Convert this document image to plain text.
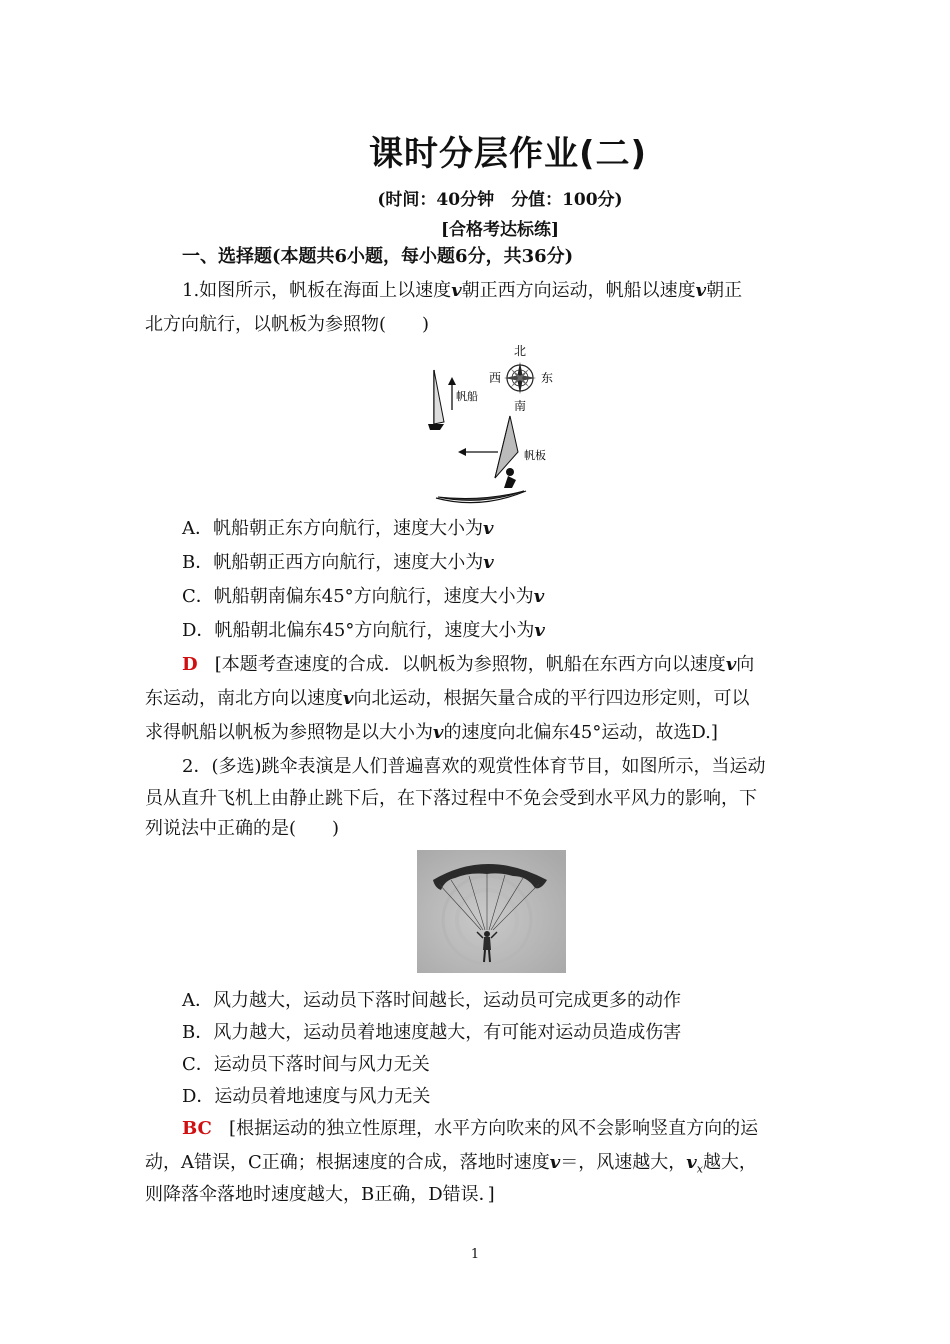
课时分层作业(二)
(时间：40分钟　分值：100分)
[合格考达标练]
一、选择题(本题共6小题，每小题6分，共36分)
1.如图所示，帆板在海面上以速度v朝正西方向运动，帆船以速度v朝正
北方向航行，以帆板为参照物(　　)
北
南
西	东
帆船
帆板
A．帆船朝正东方向航行，速度大小为v
B．帆船朝正西方向航行，速度大小为v
C．帆船朝南偏东45°方向航行，速度大小为v
D．帆船朝北偏东45°方向航行，速度大小为v
D [本题考查速度的合成．以帆板为参照物，帆船在东西方向以速度v向
东运动，南北方向以速度v向北运动，根据矢量合成的平行四边形定则，可以
求得帆船以帆板为参照物是以大小为v的速度向北偏东45°运动，故选D.]
2．(多选)跳伞表演是人们普遍喜欢的观赏性体育节目，如图所示，当运动
员从直升飞机上由静止跳下后，在下落过程中不免会受到水平风力的影响，下
列说法中正确的是(　　)
A．风力越大，运动员下落时间越长，运动员可完成更多的动作
B．风力越大，运动员着地速度越大，有可能对运动员造成伤害
C．运动员下落时间与风力无关
D．运动员着地速度与风力无关
BC [根据运动的独立性原理，水平方向吹来的风不会影响竖直方向的运
动，A错误，C正确；根据速度的合成，落地时速度v＝，风速越大，$v_x$越大，
则降落伞落地时速度越大，B正确，D错误．]
1
